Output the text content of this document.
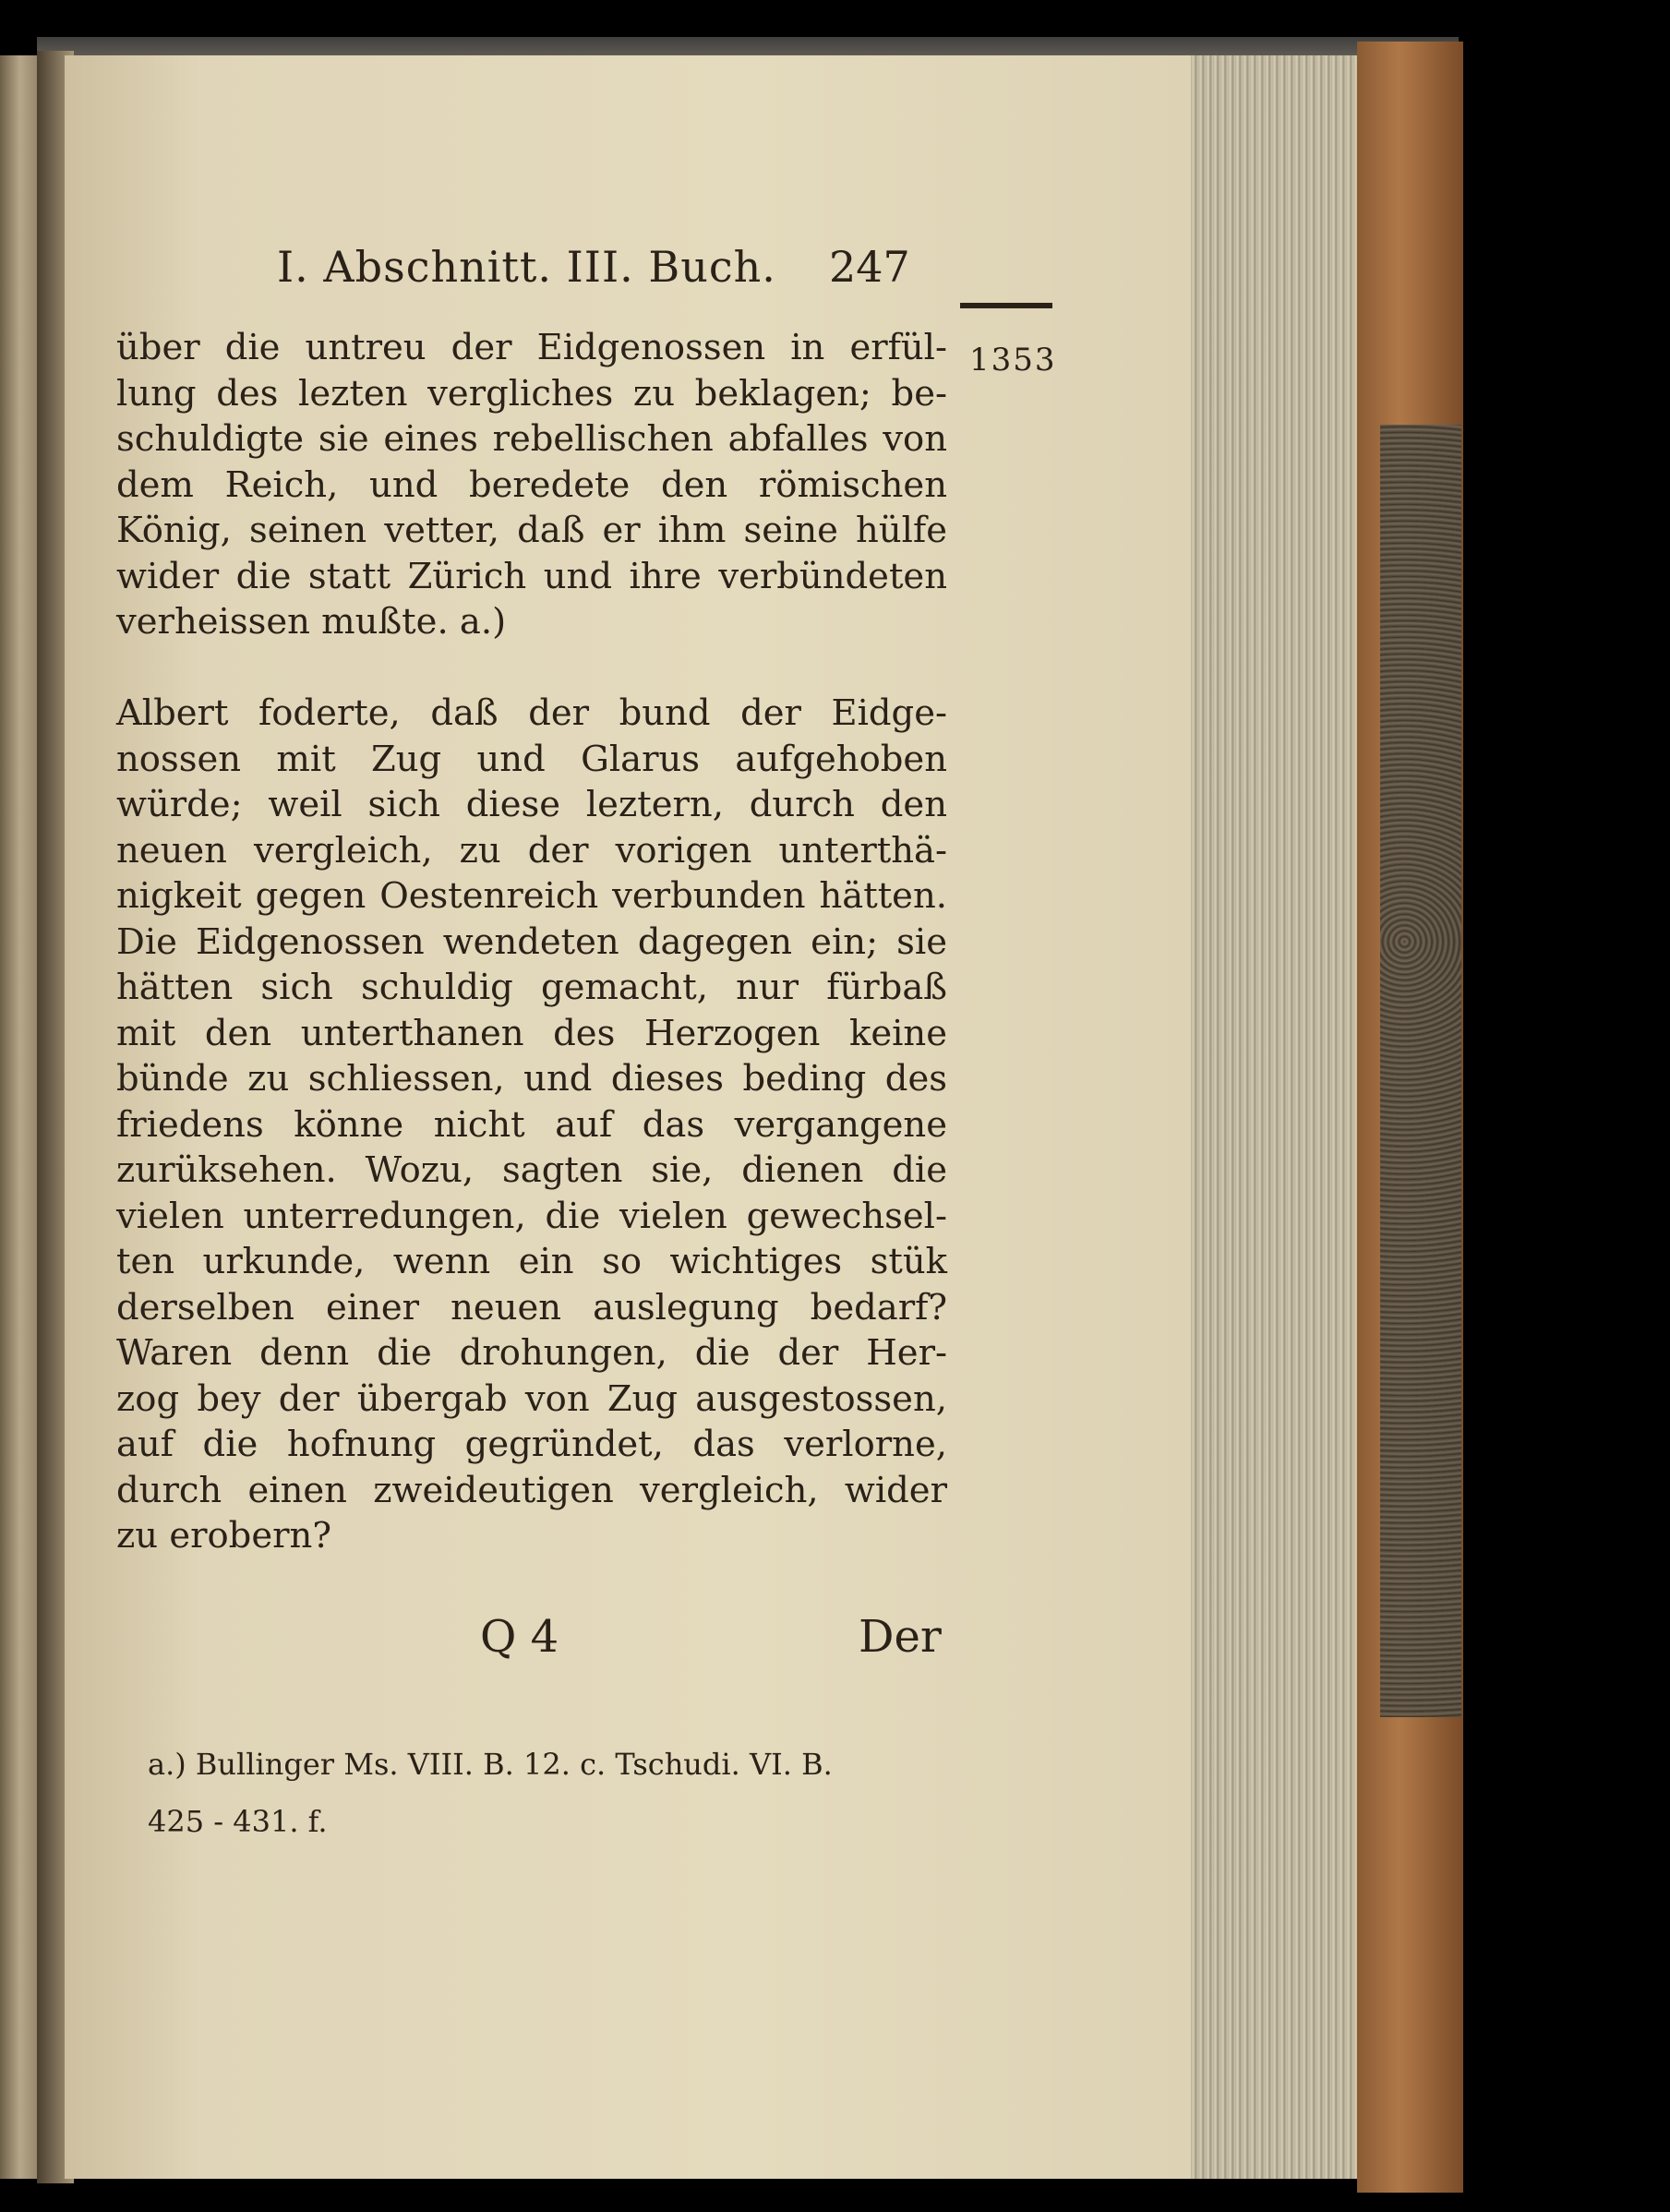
I. Abschnitt. III. Buch. 247
1353
über die untreu der Eidgenossen in erfül-
lung des lezten vergliches zu beklagen; be-
schuldigte sie eines rebellischen abfalles von
dem Reich, und beredete den römischen
König, seinen vetter, daß er ihm seine hülfe
wider die statt Zürich und ihre verbündeten
verheissen mußte. a.)
Albert foderte, daß der bund der Eidge-
nossen mit Zug und Glarus aufgehoben
würde; weil sich diese leztern, durch den
neuen vergleich, zu der vorigen unterthä-
nigkeit gegen Oestenreich verbunden hätten.
Die Eidgenossen wendeten dagegen ein; sie
hätten sich schuldig gemacht, nur fürbaß
mit den unterthanen des Herzogen keine
bünde zu schliessen, und dieses beding des
friedens könne nicht auf das vergangene
zurüksehen. Wozu, sagten sie, dienen die
vielen unterredungen, die vielen gewechsel-
ten urkunde, wenn ein so wichtiges stük
derselben einer neuen auslegung bedarf?
Waren denn die drohungen, die der Her-
zog bey der übergab von Zug ausgestossen,
auf die hofnung gegründet, das verlorne,
durch einen zweideutigen vergleich, wider
zu erobern?
Q 4	Der
a.) Bullinger Ms. VIII. B. 12. c. Tschudi. VI. B.
425 - 431. f.
